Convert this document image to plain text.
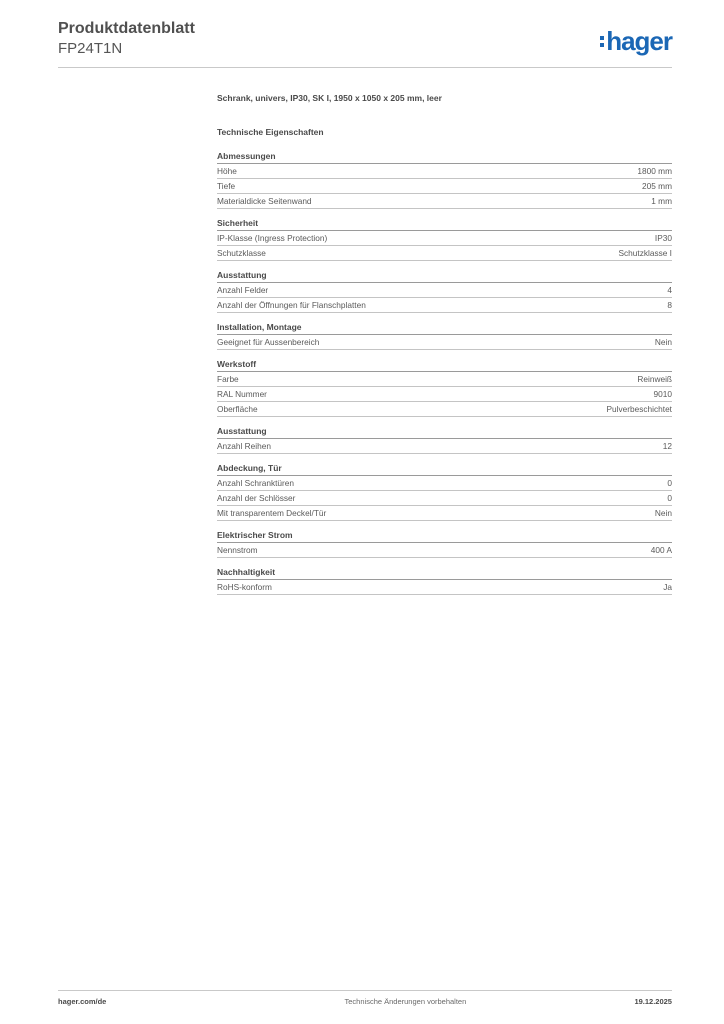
Produktdatenblatt
FP24T1N	hager
Schrank, univers, IP30, SK I, 1950 x 1050 x 205 mm, leer
Technische Eigenschaften
Abmessungen
Höhe	1800 mm
Tiefe	205 mm
Materialdicke Seitenwand	1 mm
Sicherheit
IP-Klasse (Ingress Protection)	IP30
Schutzklasse	Schutzklasse I
Ausstattung
Anzahl Felder	4
Anzahl der Öffnungen für Flanschplatten	8
Installation, Montage
Geeignet für Aussenbereich	Nein
Werkstoff
Farbe	Reinweiß
RAL Nummer	9010
Oberfläche	Pulverbeschichtet
Ausstattung
Anzahl Reihen	12
Abdeckung, Tür
Anzahl Schranktüren	0
Anzahl der Schlösser	0
Mit transparentem Deckel/Tür	Nein
Elektrischer Strom
Nennstrom	400 A
Nachhaltigkeit
RoHS-konform	Ja
hager.com/de	Technische Änderungen vorbehalten	19.12.2025
